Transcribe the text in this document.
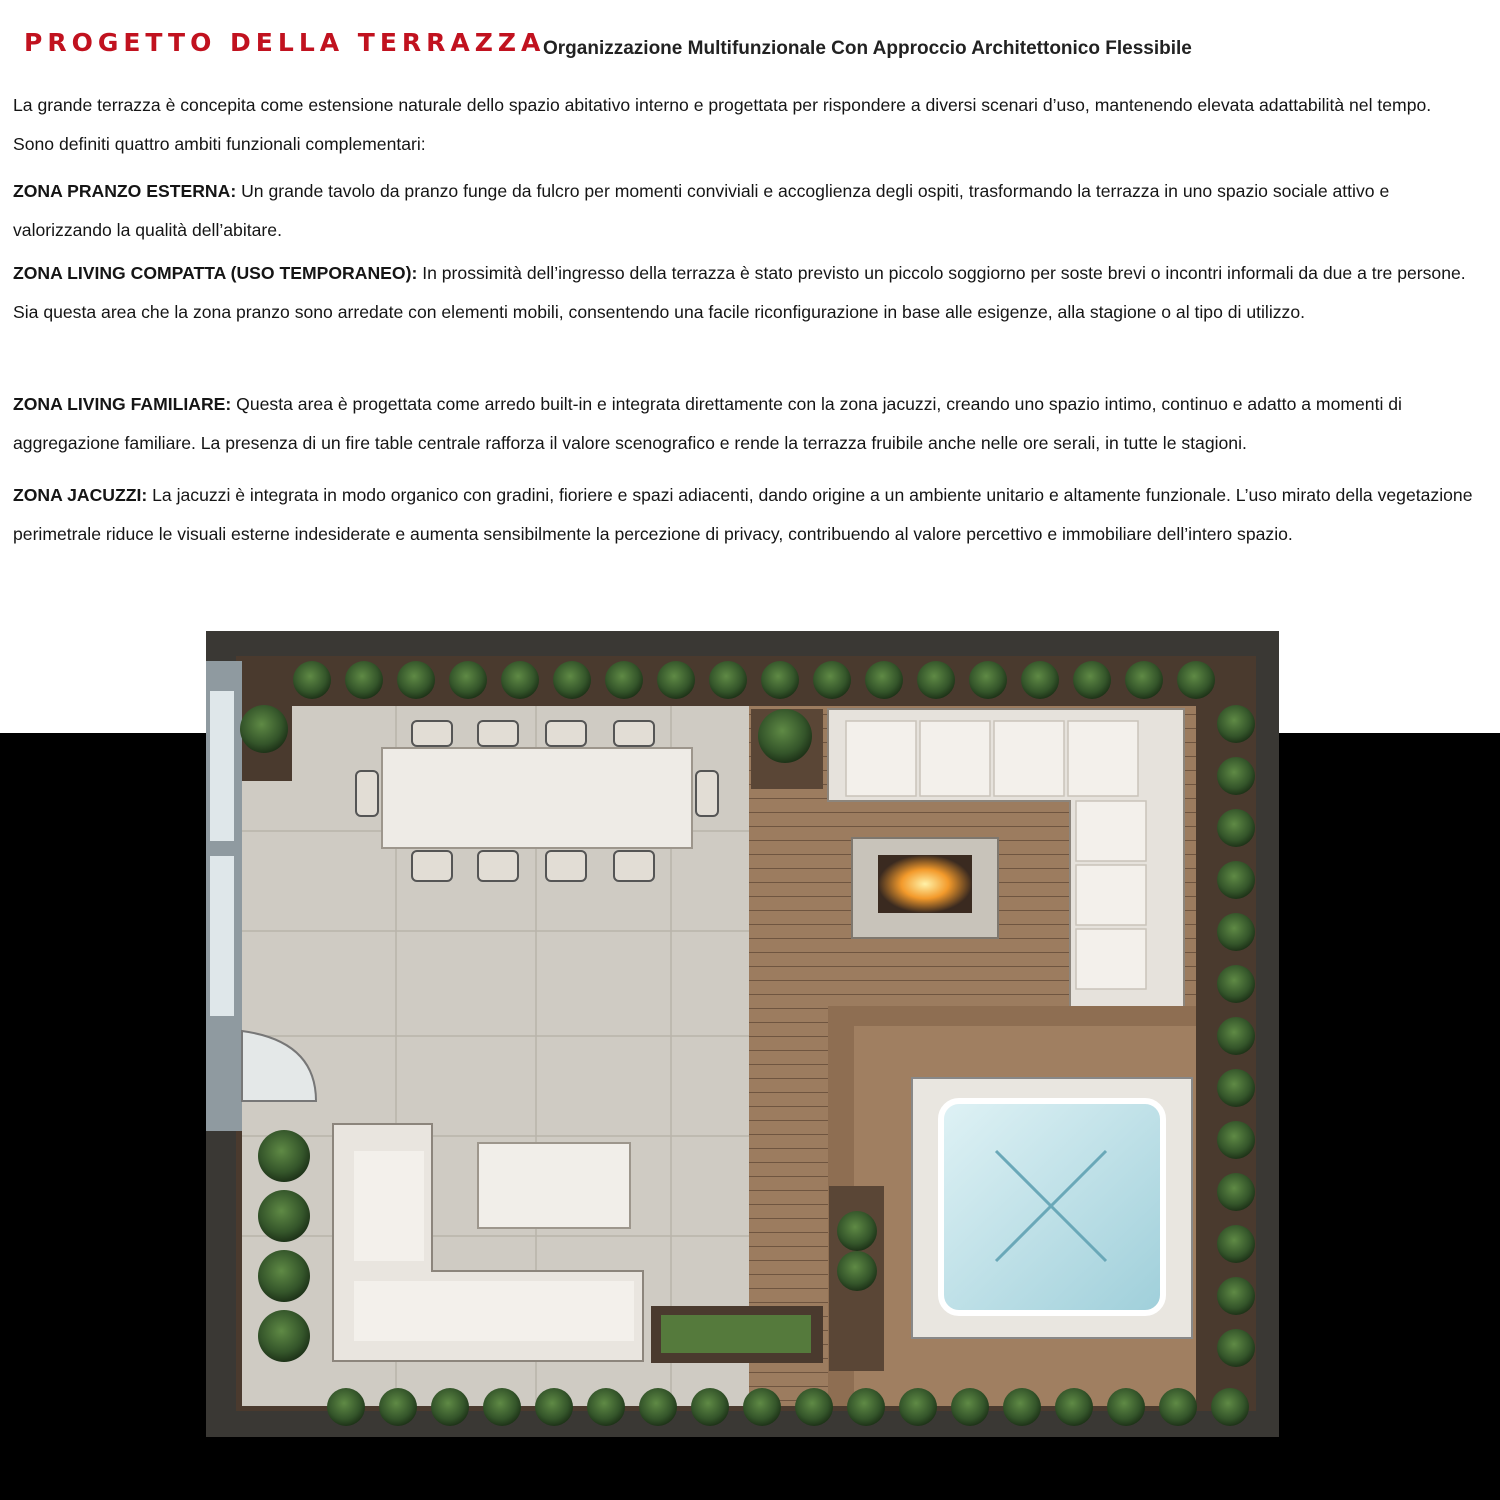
PROGETTO DELLA TERRAZZA
Organizzazione Multifunzionale Con Approccio Architettonico Flessibile

La grande terrazza è concepita come estensione naturale dello spazio abitativo interno e progettata per rispondere a diversi scenari d’uso, mantenendo elevata adattabilità nel tempo. Sono definiti quattro ambiti funzionali complementari:

ZONA PRANZO ESTERNA: Un grande tavolo da pranzo funge da fulcro per momenti conviviali e accoglienza degli ospiti, trasformando la terrazza in uno spazio sociale attivo e valorizzando la qualità dell’abitare.

ZONA LIVING COMPATTA (USO TEMPORANEO): In prossimità dell’ingresso della terrazza è stato previsto un piccolo soggiorno per soste brevi o incontri informali da due a tre persone. Sia questa area che la zona pranzo sono arredate con elementi mobili, consentendo una facile riconfigurazione in base alle esigenze, alla stagione o al tipo di utilizzo.

ZONA LIVING FAMILIARE: Questa area è progettata come arredo built-in e integrata direttamente con la zona jacuzzi, creando uno spazio intimo, continuo e adatto a momenti di aggregazione familiare. La presenza di un fire table centrale rafforza il valore scenografico e rende la terrazza fruibile anche nelle ore serali, in tutte le stagioni.

ZONA JACUZZI: La jacuzzi è integrata in modo organico con gradini, fioriere e spazi adiacenti, dando origine a un ambiente unitario e altamente funzionale. L’uso mirato della vegetazione perimetrale riduce le visuali esterne indesiderate e aumenta sensibilmente la percezione di privacy, contribuendo al valore percettivo e immobiliare dell’intero spazio.
